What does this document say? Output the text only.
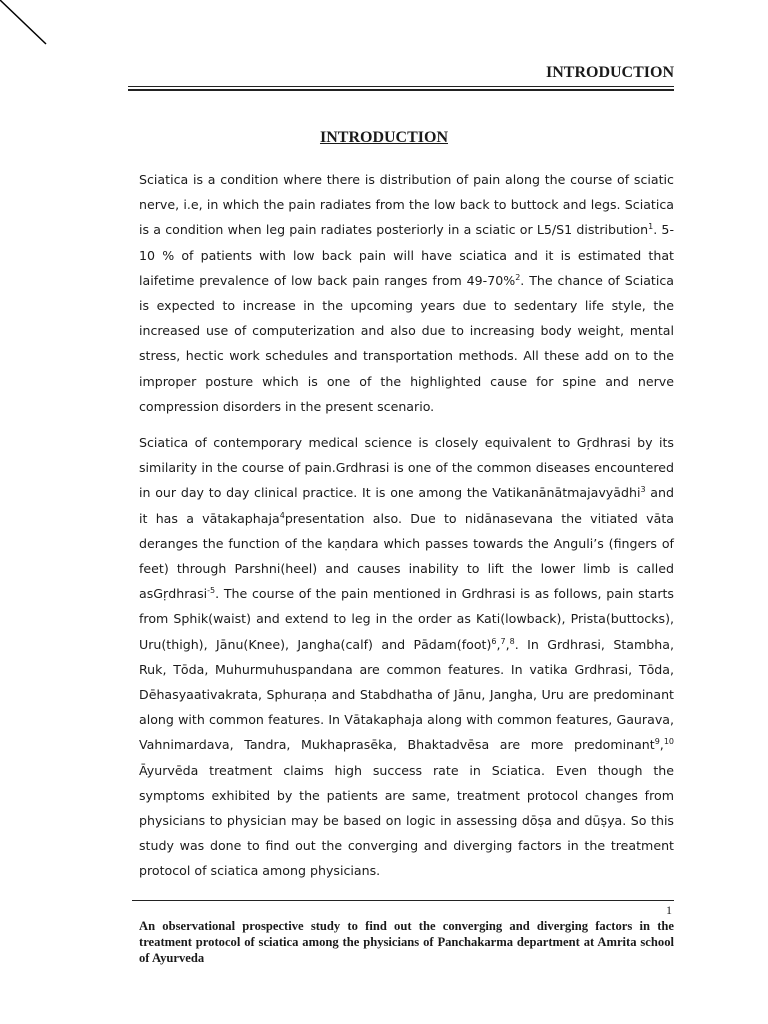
INTRODUCTION
INTRODUCTION
Sciatica is a condition where there is distribution of pain along the course of sciatic nerve, i.e, in which the pain radiates from the low back to buttock and legs. Sciatica is a condition when leg pain radiates posteriorly in a sciatic or L5/S1 distribution$^1$. 5-10 % of patients with low back pain will have sciatica and it is estimated that laifetime prevalence of low back pain ranges from 49-70%$^2$. The chance of Sciatica is expected to increase in the upcoming years due to sedentary life style, the increased use of computerization and also due to increasing body weight, mental stress, hectic work schedules and transportation methods. All these add on to the improper posture which is one of the highlighted cause for spine and nerve compression disorders in the present scenario.
Sciatica of contemporary medical science is closely equivalent to Gṛdhrasi by its similarity in the course of pain.Grdhrasi is one of the common diseases encountered in our day to day clinical practice. It is one among the Vatikanānātmajavyādhi$^3$ and it has a vātakaphaja$^4$presentation also. Due to nidānasevana the vitiated vāta deranges the function of the kaṇdara which passes towards the Anguli’s (fingers of feet) through Parshni(heel) and causes inability to lift the lower limb is called asGṛdhrasi$^{-5}$. The course of the pain mentioned in Grdhrasi is as follows, pain starts from Sphik(waist) and extend to leg in the order as Kati(lowback), Prista(buttocks), Uru(thigh), Jānu(Knee), Jangha(calf) and Pādam(foot)$^6$,$^7$,$^8$. In Grdhrasi, Stambha, Ruk, Tōda, Muhurmuhuspandana are common features. In vatika Grdhrasi, Tōda, Dēhasyaativakrata, Sphuraṇa and Stabdhatha of Jānu, Jangha, Uru are predominant along with common features. In Vātakaphaja along with common features, Gaurava, Vahnimardava, Tandra, Mukhaprasēka, Bhaktadvēsa are more predominant$^9$,$^{10}$ Āyurvēda treatment claims high success rate in Sciatica. Even though the symptoms exhibited by the patients are same, treatment protocol changes from physicians to physician may be based on logic in assessing dōṣa and dūṣya. So this study was done to find out the converging and diverging factors in the treatment protocol of sciatica among physicians.
1
An observational prospective study to find out the converging and diverging factors in the treatment protocol of sciatica among the physicians of Panchakarma department at Amrita school of Ayurveda
